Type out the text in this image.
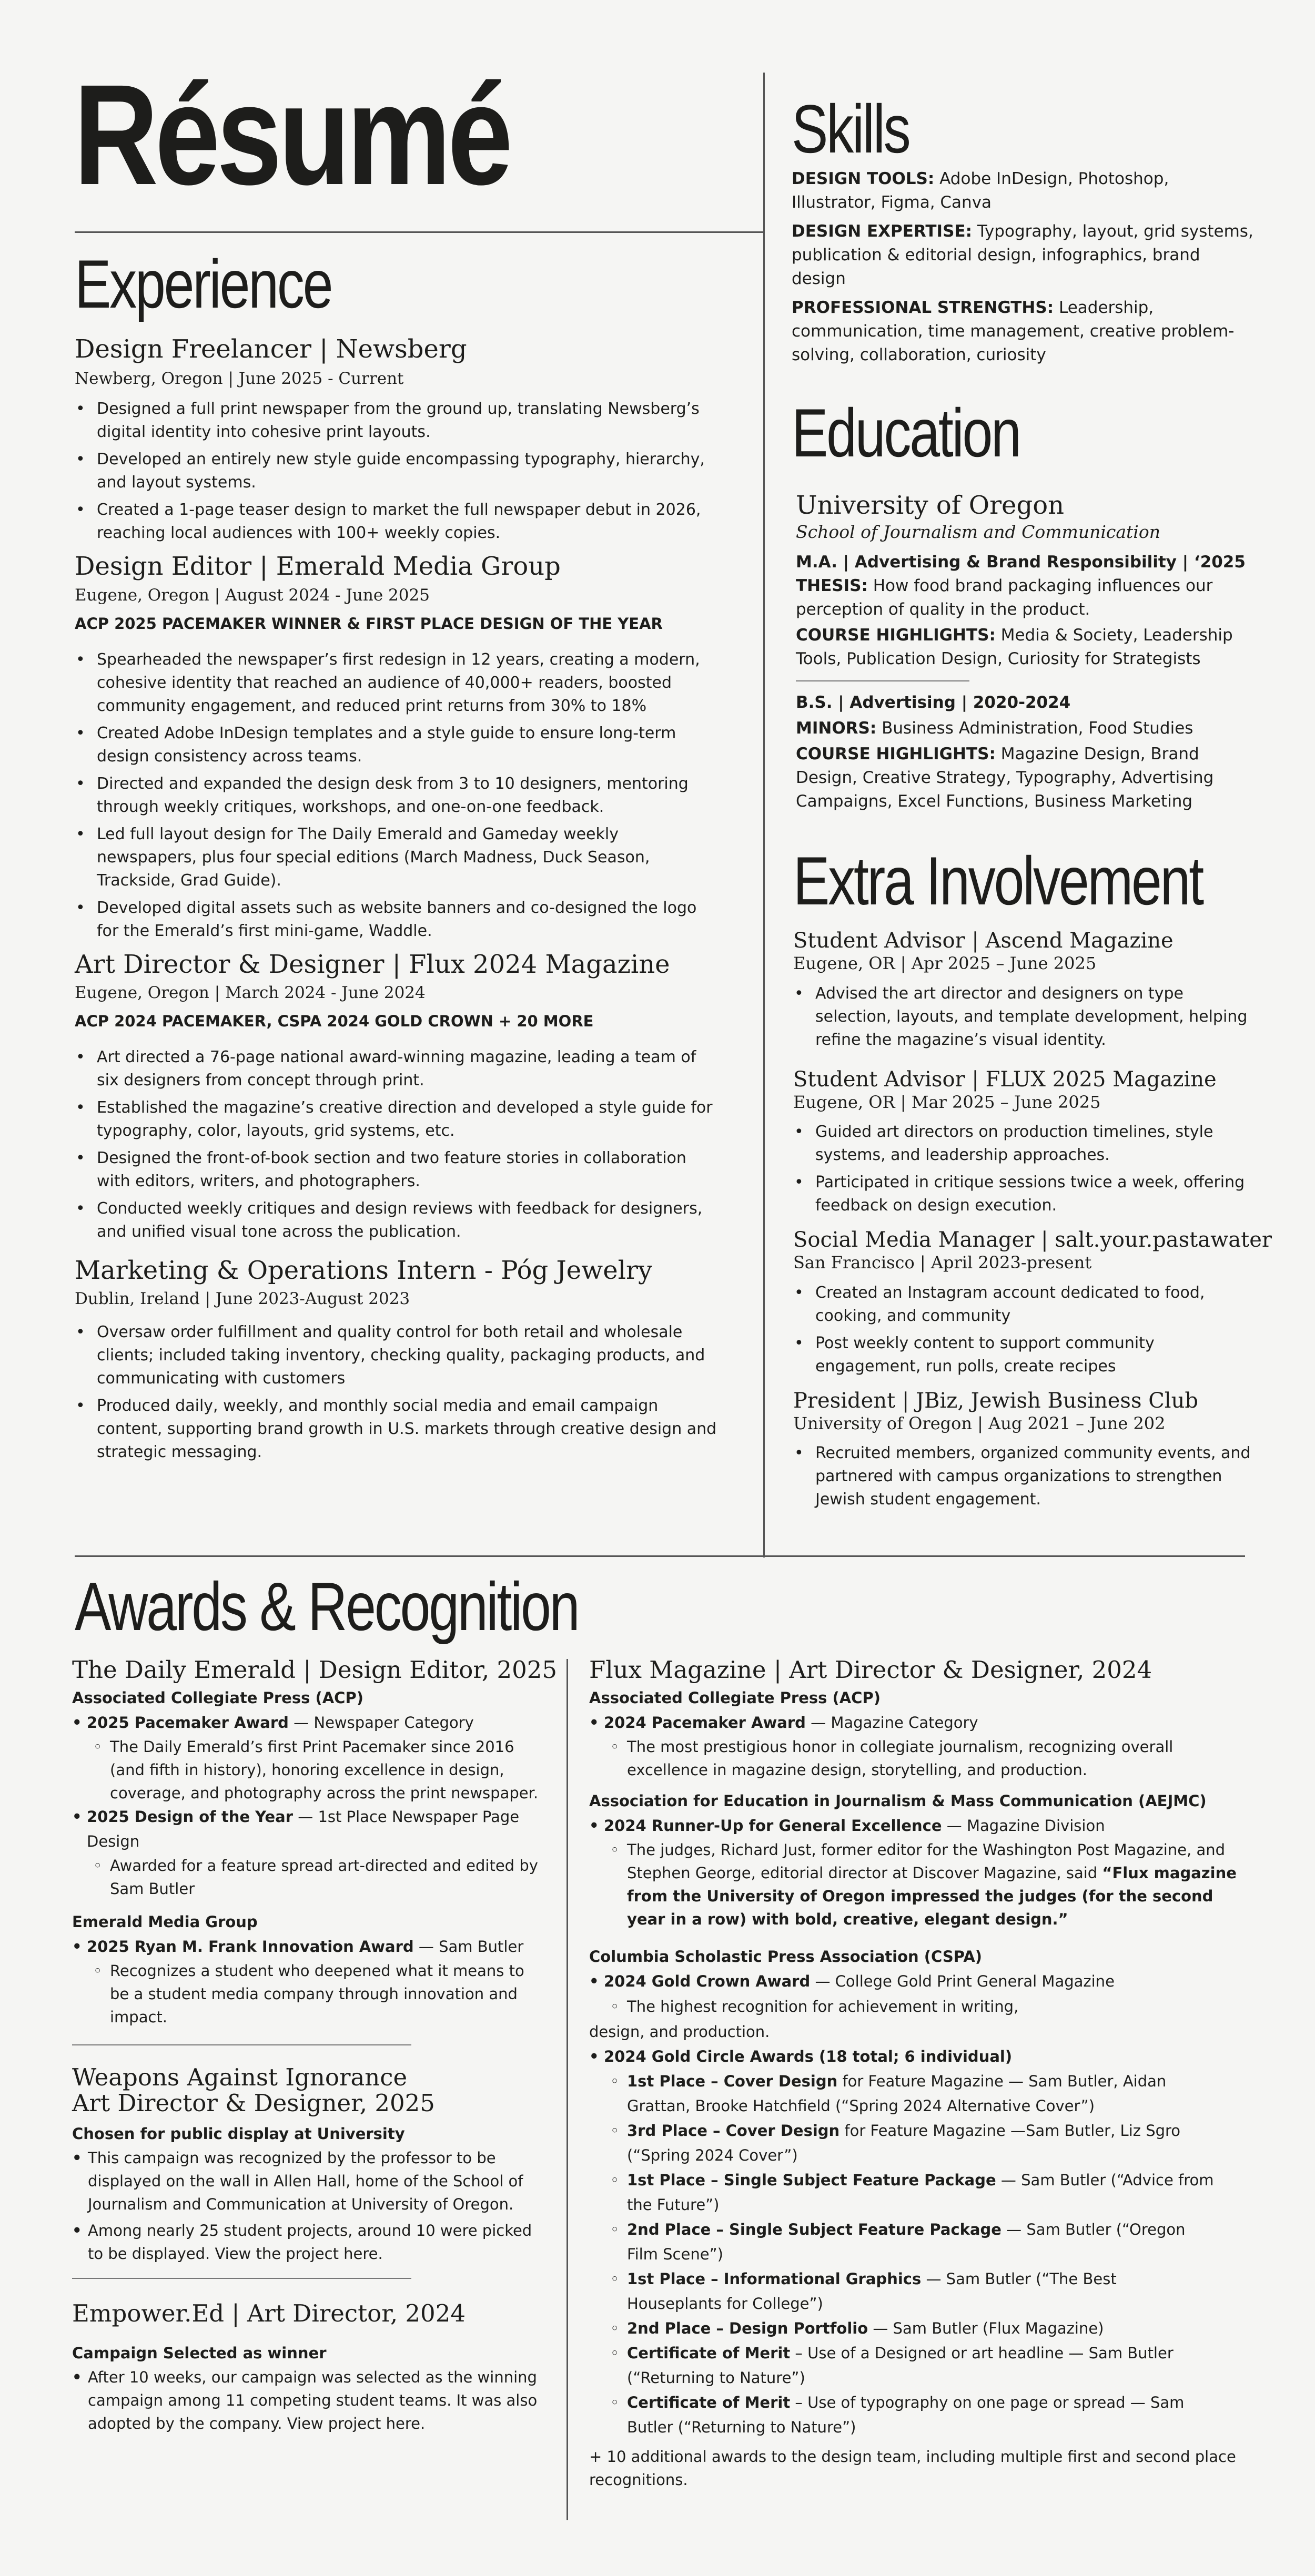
Résumé
Experience
Design Freelancer | Newsberg
Newberg, Oregon | June 2025 - Current
• Designed a full print newspaper from the ground up, translating Newsberg’s digital identity into cohesive print layouts.
• Developed an entirely new style guide encompassing typography, hierarchy, and layout systems.
• Created a 1-page teaser design to market the full newspaper debut in 2026, reaching local audiences with 100+ weekly copies.
Design Editor | Emerald Media Group
Eugene, Oregon | August 2024 - June 2025
ACP 2025 PACEMAKER WINNER & FIRST PLACE DESIGN OF THE YEAR
• Spearheaded the newspaper’s first redesign in 12 years, creating a modern, cohesive identity that reached an audience of 40,000+ readers, boosted community engagement, and reduced print returns from 30% to 18%
• Created Adobe InDesign templates and a style guide to ensure long-term design consistency across teams.
• Directed and expanded the design desk from 3 to 10 designers, mentoring through weekly critiques, workshops, and one-on-one feedback.
• Led full layout design for The Daily Emerald and Gameday weekly newspapers, plus four special editions (March Madness, Duck Season, Trackside, Grad Guide).
• Developed digital assets such as website banners and co-designed the logo for the Emerald’s first mini-game, Waddle.
Art Director & Designer | Flux 2024 Magazine
Eugene, Oregon | March 2024 - June 2024
ACP 2024 PACEMAKER, CSPA 2024 GOLD CROWN + 20 MORE
• Art directed a 76-page national award-winning magazine, leading a team of six designers from concept through print.
• Established the magazine’s creative direction and developed a style guide for typography, color, layouts, grid systems, etc.
• Designed the front-of-book section and two feature stories in collaboration with editors, writers, and photographers.
• Conducted weekly critiques and design reviews with feedback for designers, and unified visual tone across the publication.
Marketing & Operations Intern - Póg Jewelry
Dublin, Ireland | June 2023-August 2023
• Oversaw order fulfillment and quality control for both retail and wholesale clients; included taking inventory, checking quality, packaging products, and communicating with customers
• Produced daily, weekly, and monthly social media and email campaign content, supporting brand growth in U.S. markets through creative design and strategic messaging.
Skills
DESIGN TOOLS: Adobe InDesign, Photoshop, Illustrator, Figma, Canva
DESIGN EXPERTISE: Typography, layout, grid systems, publication & editorial design, infographics, brand design
PROFESSIONAL STRENGTHS: Leadership, communication, time management, creative problem-solving, collaboration, curiosity
Education
University of Oregon
School of Journalism and Communication
M.A. | Advertising & Brand Responsibility | ‘2025
THESIS: How food brand packaging influences our perception of quality in the product.
COURSE HIGHLIGHTS: Media & Society, Leadership Tools, Publication Design, Curiosity for Strategists
B.S. | Advertising | 2020-2024
MINORS: Business Administration, Food Studies
COURSE HIGHLIGHTS: Magazine Design, Brand Design, Creative Strategy, Typography, Advertising Campaigns, Excel Functions, Business Marketing
Extra Involvement
Student Advisor | Ascend Magazine
Eugene, OR | Apr 2025 – June 2025
• Advised the art director and designers on type selection, layouts, and template development, helping refine the magazine’s visual identity.
Student Advisor | FLUX 2025 Magazine
Eugene, OR | Mar 2025 – June 2025
• Guided art directors on production timelines, style systems, and leadership approaches.
• Participated in critique sessions twice a week, offering feedback on design execution.
Social Media Manager | salt.your.pastawater
San Francisco | April 2023-present
• Created an Instagram account dedicated to food, cooking, and community
• Post weekly content to support community engagement, run polls, create recipes
President | JBiz, Jewish Business Club
University of Oregon | Aug 2021 – June 202
• Recruited members, organized community events, and partnered with campus organizations to strengthen Jewish student engagement.
Awards & Recognition
The Daily Emerald | Design Editor, 2025
Associated Collegiate Press (ACP)
• 2025 Pacemaker Award — Newspaper Category
◦ The Daily Emerald’s first Print Pacemaker since 2016 (and fifth in history), honoring excellence in design, coverage, and photography across the print newspaper.
• 2025 Design of the Year — 1st Place Newspaper Page Design
◦ Awarded for a feature spread art-directed and edited by Sam Butler
Emerald Media Group
• 2025 Ryan M. Frank Innovation Award — Sam Butler
◦ Recognizes a student who deepened what it means to be a student media company through innovation and impact.
Weapons Against Ignorance
Art Director & Designer, 2025
Chosen for public display at University
• This campaign was recognized by the professor to be displayed on the wall in Allen Hall, home of the School of Journalism and Communication at University of Oregon.
• Among nearly 25 student projects, around 10 were picked to be displayed. View the project here.
Empower.Ed | Art Director, 2024
Campaign Selected as winner
• After 10 weeks, our campaign was selected as the winning campaign among 11 competing student teams. It was also adopted by the company. View project here.
Flux Magazine | Art Director & Designer, 2024
Associated Collegiate Press (ACP)
• 2024 Pacemaker Award — Magazine Category
◦ The most prestigious honor in collegiate journalism, recognizing overall excellence in magazine design, storytelling, and production.
Association for Education in Journalism & Mass Communication (AEJMC)
• 2024 Runner-Up for General Excellence — Magazine Division
◦ The judges, Richard Just, former editor for the Washington Post Magazine, and Stephen George, editorial director at Discover Magazine, said “Flux magazine from the University of Oregon impressed the judges (for the second year in a row) with bold, creative, elegant design.”
Columbia Scholastic Press Association (CSPA)
• 2024 Gold Crown Award — College Gold Print General Magazine
◦ The highest recognition for achievement in writing,
design, and production.
• 2024 Gold Circle Awards (18 total; 6 individual)
◦ 1st Place – Cover Design for Feature Magazine — Sam Butler, Aidan
Grattan, Brooke Hatchfield (“Spring 2024 Alternative Cover”)
◦ 3rd Place – Cover Design for Feature Magazine —Sam Butler, Liz Sgro
(“Spring 2024 Cover”)
◦ 1st Place – Single Subject Feature Package — Sam Butler (“Advice from
the Future”)
◦ 2nd Place – Single Subject Feature Package — Sam Butler (“Oregon
Film Scene”)
◦ 1st Place – Informational Graphics — Sam Butler (“The Best
Houseplants for College”)
◦ 2nd Place – Design Portfolio — Sam Butler (Flux Magazine)
◦ Certificate of Merit – Use of a Designed or art headline — Sam Butler
(“Returning to Nature”)
◦ Certificate of Merit – Use of typography on one page or spread — Sam
Butler (“Returning to Nature”)
+ 10 additional awards to the design team, including multiple first and second place recognitions.
